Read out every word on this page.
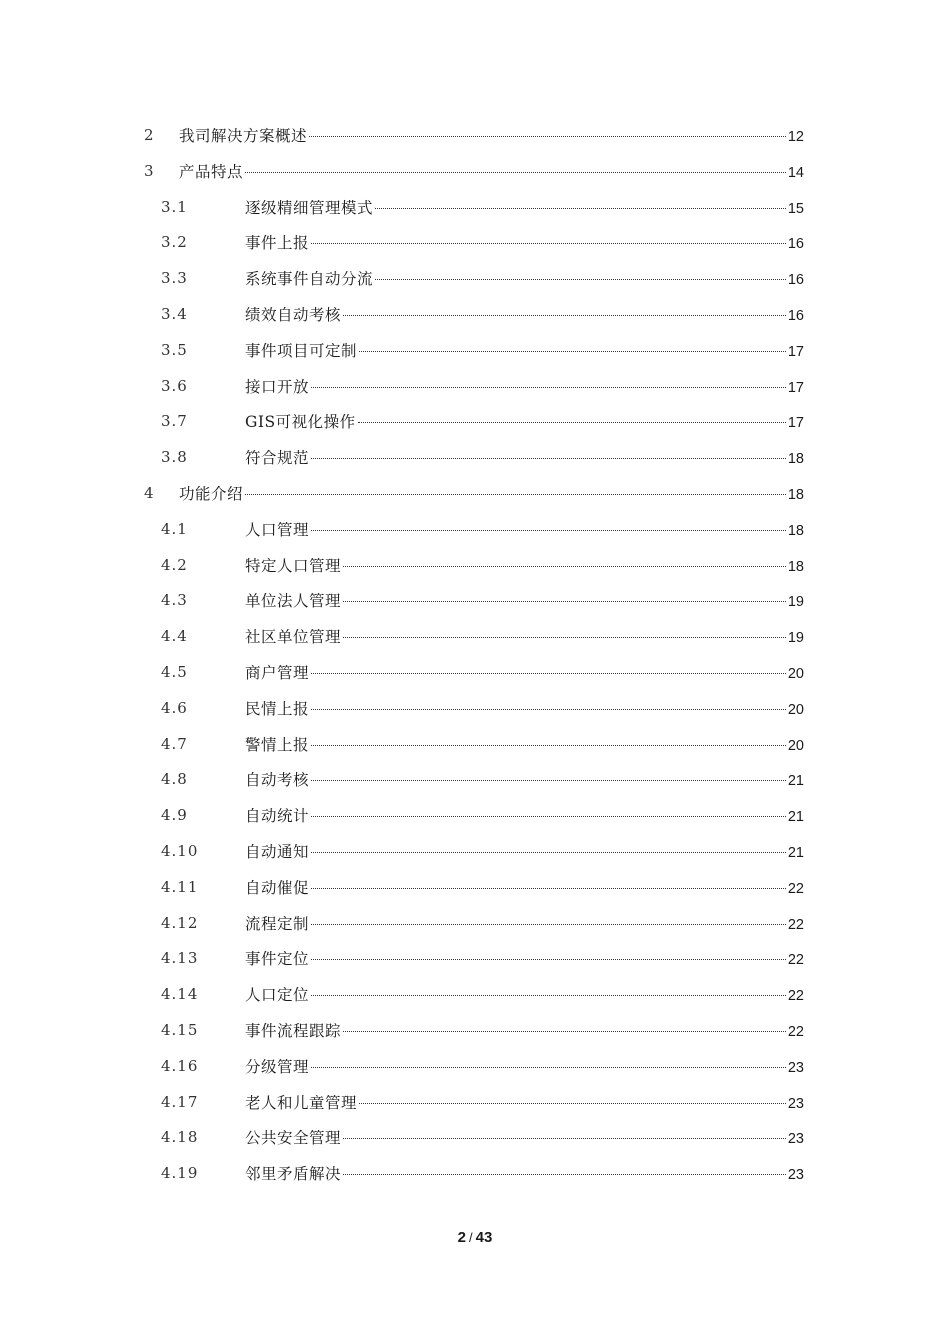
2 我司解决方案概述	12
3 产品特点	14
3.1	逐级精细管理模式	15
3.2	事件上报	16
3.3	系统事件自动分流	16
3.4	绩效自动考核	16
3.5	事件项目可定制	17
3.6	接口开放	17
3.7	GIS可视化操作	17
3.8	符合规范	18
4 功能介绍	18
4.1	人口管理	18
4.2	特定人口管理	18
4.3	单位法人管理	19
4.4	社区单位管理	19
4.5	商户管理	20
4.6	民情上报	20
4.7	警情上报	20
4.8	自动考核	21
4.9	自动统计	21
4.10	自动通知	21
4.11	自动催促	22
4.12	流程定制	22
4.13	事件定位	22
4.14	人口定位	22
4.15	事件流程跟踪	22
4.16	分级管理	23
4.17	老人和儿童管理	23
4.18	公共安全管理	23
4.19	邻里矛盾解决	23
2 / 43
